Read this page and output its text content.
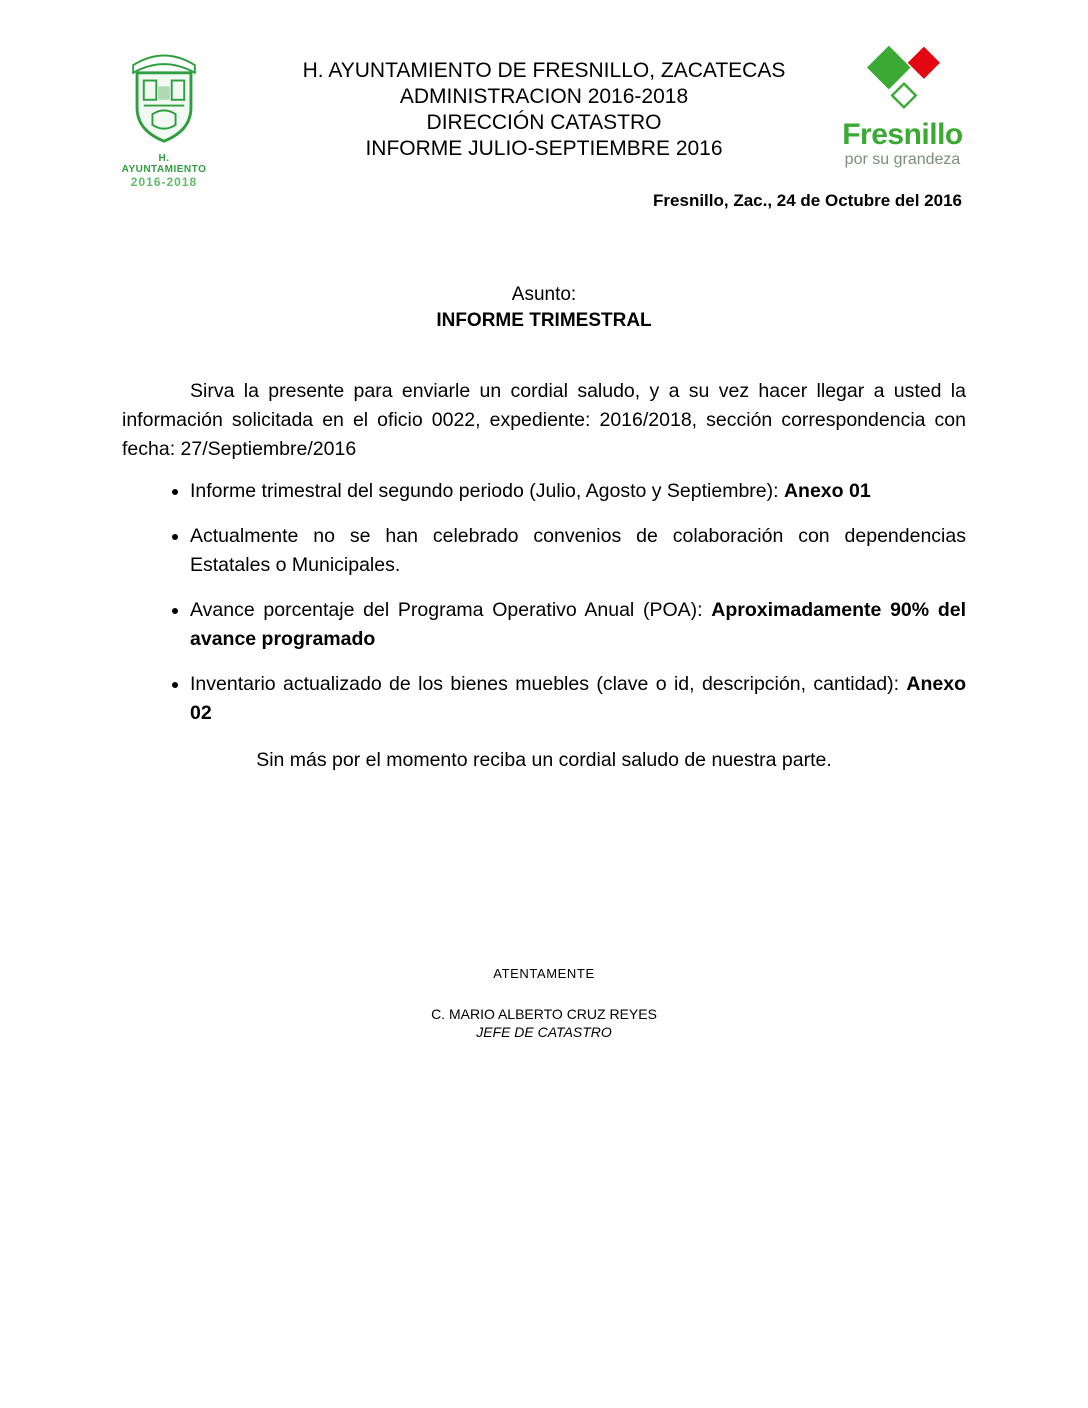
H. AYUNTAMIENTO
2016-2018
H. AYUNTAMIENTO DE FRESNILLO, ZACATECAS
ADMINISTRACION 2016-2018
DIRECCIÓN CATASTRO
INFORME JULIO-SEPTIEMBRE 2016	Fresnillo
por su grandeza
Fresnillo, Zac., 24 de Octubre del 2016
Asunto:
INFORME TRIMESTRAL

Sirva la presente para enviarle un cordial saludo, y a su vez hacer llegar a usted la información solicitada en el oficio 0022, expediente: 2016/2018, sección correspondencia con fecha: 27/Septiembre/2016

• Informe trimestral del segundo periodo (Julio, Agosto y Septiembre): Anexo 01
• Actualmente no se han celebrado convenios de colaboración con dependencias Estatales o Municipales.
• Avance porcentaje del Programa Operativo Anual (POA): Aproximadamente 90% del avance programado
• Inventario actualizado de los bienes muebles (clave o id, descripción, cantidad): Anexo 02

Sin más por el momento reciba un cordial saludo de nuestra parte.

ATENTAMENTE
C. MARIO ALBERTO CRUZ REYES
JEFE DE CATASTRO
